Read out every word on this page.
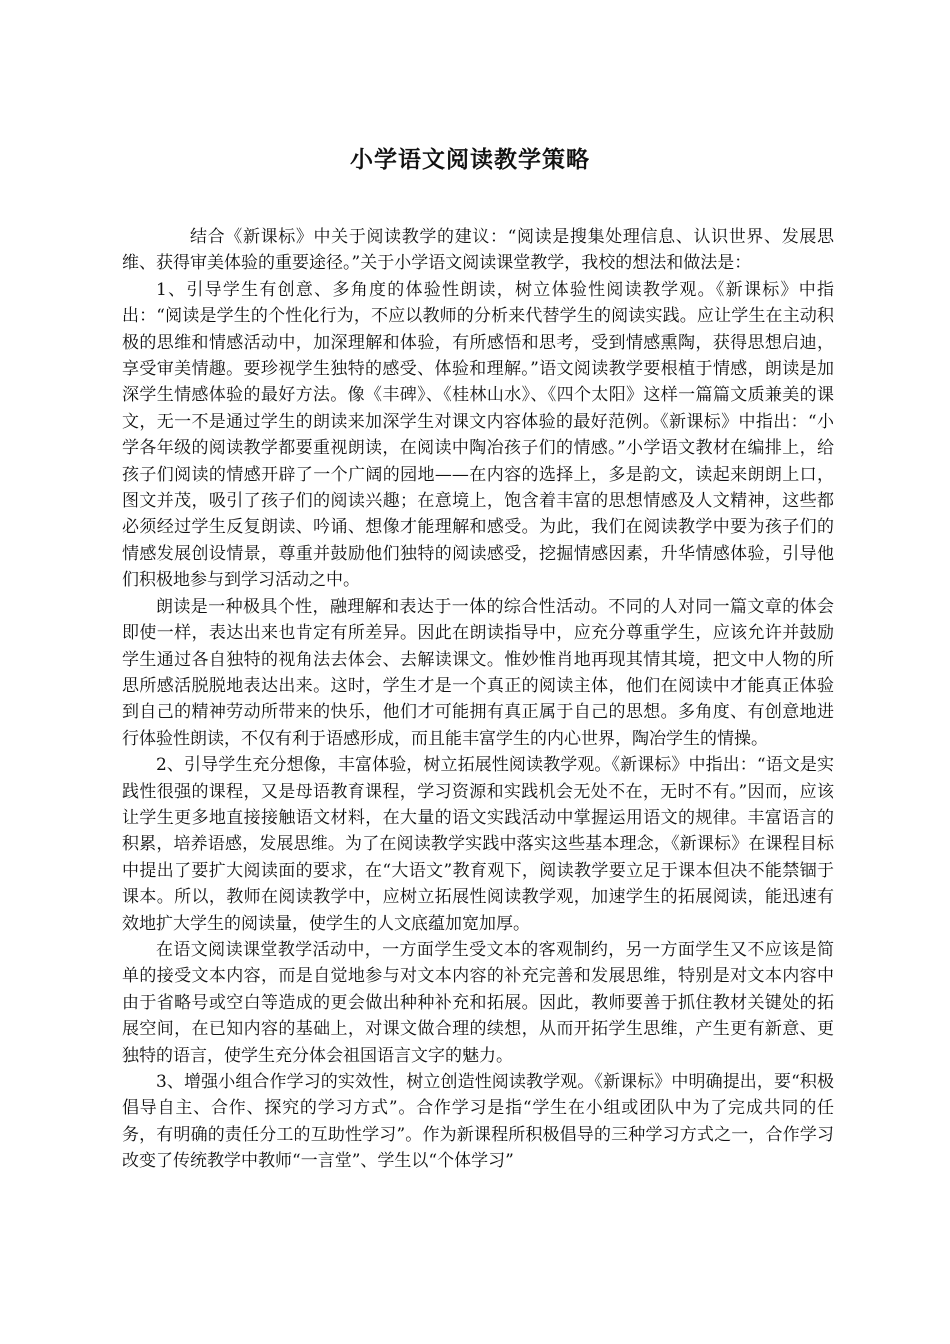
小学语文阅读教学策略

结合《新课标》中关于阅读教学的建议：“阅读是搜集处理信息、认识世界、发展思维、获得审美体验的重要途径。”关于小学语文阅读课堂教学，我校的想法和做法是：

1、引导学生有创意、多角度的体验性朗读，树立体验性阅读教学观。《新课标》中指出：“阅读是学生的个性化行为，不应以教师的分析来代替学生的阅读实践。应让学生在主动积极的思维和情感活动中，加深理解和体验，有所感悟和思考，受到情感熏陶，获得思想启迪，享受审美情趣。要珍视学生独特的感受、体验和理解。”语文阅读教学要根植于情感，朗读是加深学生情感体验的最好方法。像《丰碑》、《桂林山水》、《四个太阳》这样一篇篇文质兼美的课文，无一不是通过学生的朗读来加深学生对课文内容体验的最好范例。《新课标》中指出：“小学各年级的阅读教学都要重视朗读，在阅读中陶冶孩子们的情感。”小学语文教材在编排上，给孩子们阅读的情感开辟了一个广阔的园地——在内容的选择上，多是韵文，读起来朗朗上口，图文并茂，吸引了孩子们的阅读兴趣；在意境上，饱含着丰富的思想情感及人文精神，这些都必须经过学生反复朗读、吟诵、想像才能理解和感受。为此，我们在阅读教学中要为孩子们的情感发展创设情景，尊重并鼓励他们独特的阅读感受，挖掘情感因素，升华情感体验，引导他们积极地参与到学习活动之中。

朗读是一种极具个性，融理解和表达于一体的综合性活动。不同的人对同一篇文章的体会即使一样，表达出来也肯定有所差异。因此在朗读指导中，应充分尊重学生，应该允许并鼓励学生通过各自独特的视角法去体会、去解读课文。惟妙惟肖地再现其情其境，把文中人物的所思所感活脱脱地表达出来。这时，学生才是一个真正的阅读主体，他们在阅读中才能真正体验到自己的精神劳动所带来的快乐，他们才可能拥有真正属于自己的思想。多角度、有创意地进行体验性朗读，不仅有利于语感形成，而且能丰富学生的内心世界，陶冶学生的情操。

2、引导学生充分想像，丰富体验，树立拓展性阅读教学观。《新课标》中指出：“语文是实践性很强的课程，又是母语教育课程，学习资源和实践机会无处不在，无时不有。”因而，应该让学生更多地直接接触语文材料，在大量的语文实践活动中掌握运用语文的规律。丰富语言的积累，培养语感，发展思维。为了在阅读教学实践中落实这些基本理念，《新课标》在课程目标中提出了要扩大阅读面的要求，在“大语文”教育观下，阅读教学要立足于课本但决不能禁锢于课本。所以，教师在阅读教学中，应树立拓展性阅读教学观，加速学生的拓展阅读，能迅速有效地扩大学生的阅读量，使学生的人文底蕴加宽加厚。

在语文阅读课堂教学活动中，一方面学生受文本的客观制约，另一方面学生又不应该是简单的接受文本内容，而是自觉地参与对文本内容的补充完善和发展思维，特别是对文本内容中由于省略号或空白等造成的更会做出种种补充和拓展。因此，教师要善于抓住教材关键处的拓展空间，在已知内容的基础上，对课文做合理的续想，从而开拓学生思维，产生更有新意、更独特的语言，使学生充分体会祖国语言文字的魅力。

3、增强小组合作学习的实效性，树立创造性阅读教学观。《新课标》中明确提出，要“积极倡导自主、合作、探究的学习方式”。合作学习是指“学生在小组或团队中为了完成共同的任务，有明确的责任分工的互助性学习”。作为新课程所积极倡导的三种学习方式之一，合作学习改变了传统教学中教师“一言堂”、学生以“个体学习”
